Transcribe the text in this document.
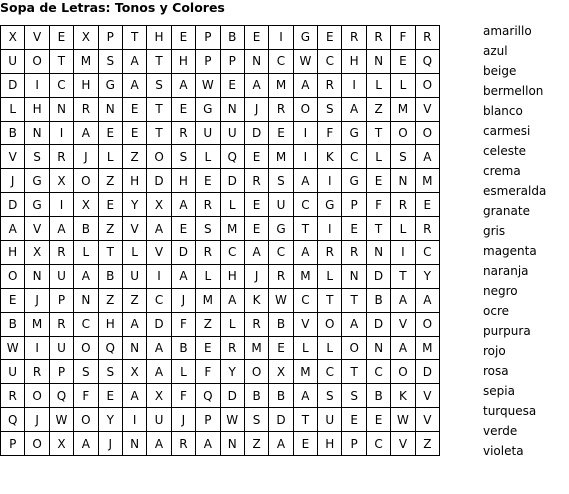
Sopa de Letras: Tonos y Colores
X	V	E	X	P	T	H	E	P	B	E	I	G	E	R	R	F	R
U	O	T	M	S	A	T	H	P	P	N	C	W	C	H	N	E	Q
D	I	C	H	G	A	S	A	W	E	A	M	A	R	I	L	L	O
L	H	N	R	N	E	T	E	G	N	J	R	O	S	A	Z	M	V
B	N	I	A	E	E	T	R	U	U	D	E	I	F	G	T	O	O
V	S	R	J	L	Z	O	S	L	Q	E	M	I	K	C	L	S	A
J	G	X	O	Z	H	D	H	E	D	R	S	A	I	G	E	N	M
D	G	I	X	E	Y	X	A	R	L	E	U	C	G	P	F	R	E
A	V	A	B	Z	V	A	E	S	M	E	G	T	I	E	T	L	R
H	X	R	L	T	L	V	D	R	C	A	C	A	R	R	N	I	C
O	N	U	A	B	U	I	A	L	H	J	R	M	L	N	D	T	Y
E	J	P	N	Z	Z	C	J	M	A	K	W	C	T	T	B	A	A
B	M	R	C	H	A	D	F	Z	L	R	B	V	O	A	D	V	O
W	I	U	O	Q	N	A	B	E	R	M	E	L	L	O	N	A	M
U	R	P	S	S	X	A	L	F	Y	O	X	M	C	T	C	O	D
R	O	Q	F	E	A	X	F	Q	D	B	B	A	S	S	B	K	V
Q	J	W	O	Y	I	U	J	P	W	S	D	T	U	E	E	W	V
P	O	X	A	J	N	A	R	A	N	Z	A	E	H	P	C	V	Z
amarillo
azul
beige
bermellon
blanco
carmesi
celeste
crema
esmeralda
granate
gris
magenta
naranja
negro
ocre
purpura
rojo
rosa
sepia
turquesa
verde
violeta
